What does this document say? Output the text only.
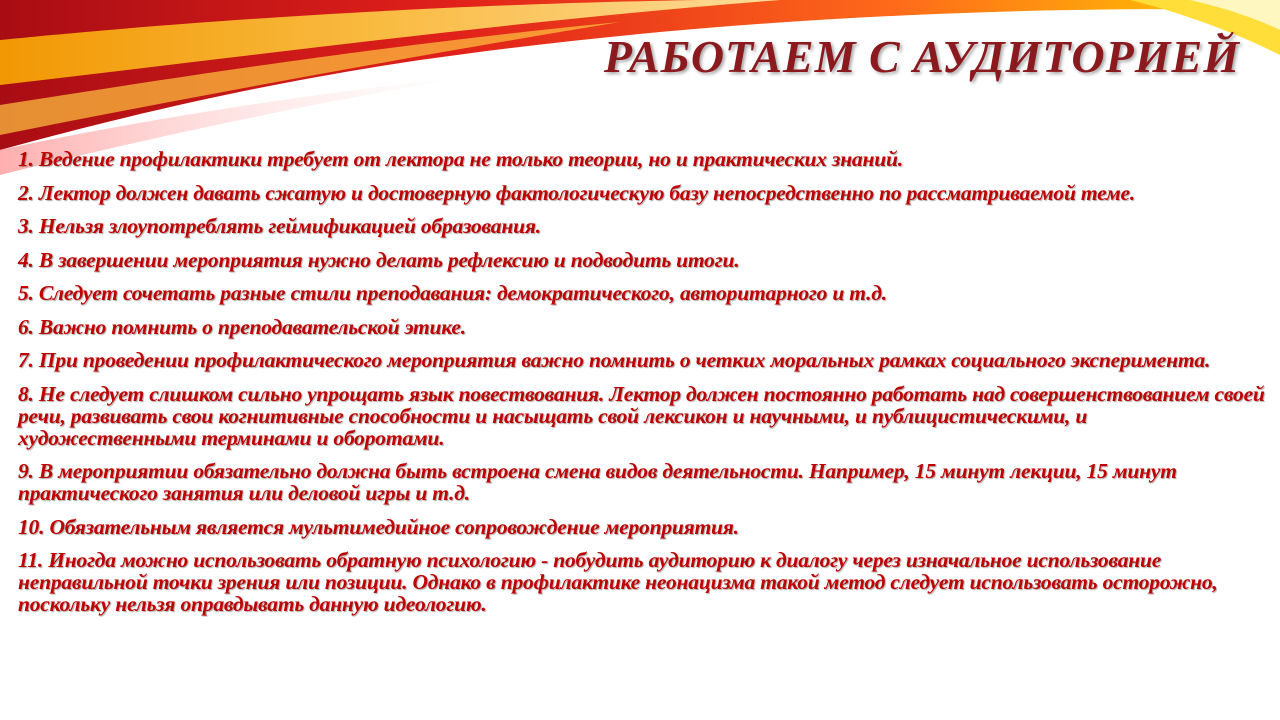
РАБОТАЕМ С АУДИТОРИЕЙ
1. Ведение профилактики требует от лектора не только теории, но и практических знаний.
2. Лектор должен давать сжатую и достоверную фактологическую базу непосредственно по рассматриваемой теме.
3. Нельзя злоупотреблять геймификацией образования.
4. В завершении мероприятия нужно делать рефлексию и подводить итоги.
5. Следует сочетать разные стили преподавания: демократического, авторитарного и т.д.
6. Важно помнить о преподавательской этике.
7. При проведении профилактического мероприятия важно помнить о четких моральных рамках социального эксперимента.
8. Не следует слишком сильно упрощать язык повествования. Лектор должен постоянно работать над совершенствованием своей речи, развивать свои когнитивные способности и насыщать свой лексикон и научными, и публицистическими, и художественными терминами и оборотами.
9. В мероприятии обязательно должна быть встроена смена видов деятельности. Например, 15 минут лекции, 15 минут практического занятия или деловой игры и т.д.
10. Обязательным является мультимедийное сопровождение мероприятия.
11. Иногда можно использовать обратную психологию - побудить аудиторию к диалогу через изначальное использование неправильной точки зрения или позиции. Однако в профилактике неонацизма такой метод следует использовать осторожно, поскольку нельзя оправдывать данную идеологию.
